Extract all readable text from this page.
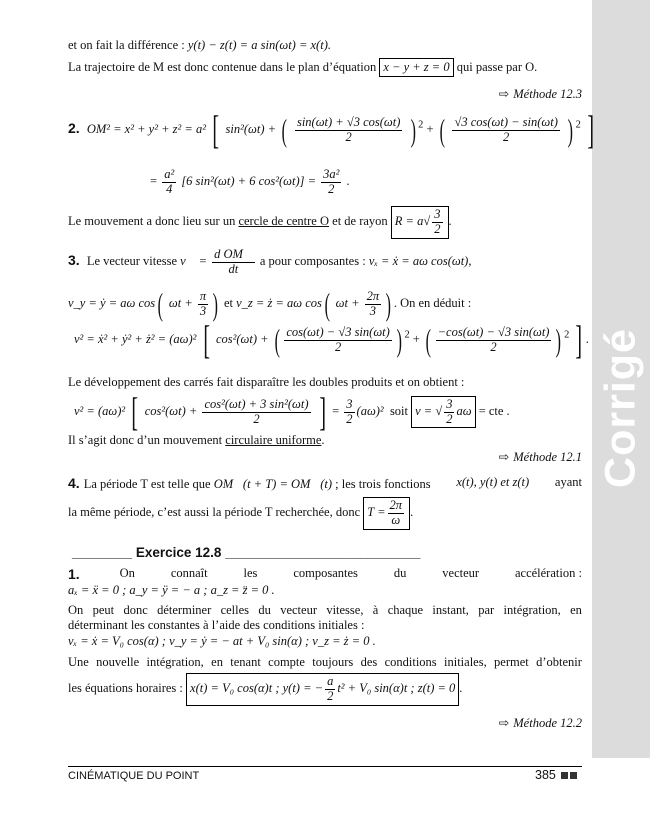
Corrigé
et on fait la différence : y(t) − z(t) = a sin(ωt) = x(t).
La trajectoire de M est donc contenue dans le plan d’équation x − y + z = 0 qui passe par O.
⇨ Méthode 12.3
2. OM² = x² + y² + z² = a² [ sin²(ωt) + ( $\frac{\sin(\omega t) + √3 \cos(\omega t)}{2}$ ) $^2$ + ( $\frac{√3 \cos(\omega t) - \sin(\omega t)}{2}$ ) $^2$ ]
= $\frac{\text{a²}}{4} [6$ sin²(ωt) + 6 $\cos^2(\omega t)] = \frac{\text{3a²}}{2}$ .
Le mouvement a donc lieu sur un cercle de centre O et de rayon $R = a√ \frac{3}{2}$ .
3. Le vecteur vitesse v⃗ = $\frac{\text{d OM⃗}}{dt}$ a pour composantes : vₓ = ẋ = aω cos(ωt),
v_y = ẏ = aω cos( $\omega t + \frac{\pi}{3}$ ) et v_z = ż = aω cos( $\omega t + \frac{2\pi}{3}$ ) . On en déduit :
v² = ẋ² + ẏ² + ż² = (aω)² [ cos²(ωt) + ( $\frac{\cos(\omega t) - √3 \sin(\omega t)}{2}$ ) $^2$ + ( $\frac{-\cos(\omega t) - √3 \sin(\omega t)}{2}$ ) $^2$ ] .
Le développement des carrés fait disparaître les doubles produits et on obtient :
v² = (aω)² [ $\cos^2(\omega t) + \frac{\text{cos²(ωt) + 3 sin²(ωt)}}{2}$ ] = $\frac{3}{2} (a\omega)^2$ soit v = √ $\frac{3}{2}$ aω = cte .
Il s’agit donc d’un mouvement circulaire uniforme.
⇨ Méthode 12.1
4. La période T est telle que OM⃗(t + T) = OM⃗(t) ; les trois fonctions x(t), y(t) et z(t) ayant
la même période, c’est aussi la période T recherchée, donc $T = \frac{2\pi}{\omega}$ .
________ Exercice 12.8 __________________________
1.	On	connaît	les	composantes	du	vecteur	accélération :
aₓ = ẍ = 0 ; a_y = ÿ = − a ; a_z = z̈ = 0 .
On peut donc déterminer celles du vecteur vitesse, à chaque instant, par intégration, en
déterminant les constantes à l’aide des conditions initiales :
vₓ = ẋ = V₀ cos(α) ; v_y = ẏ = − at + V₀ sin(α) ; v_z = ż = 0 .
Une nouvelle intégration, en tenant compte toujours des conditions initiales, permet d’obtenir
les équations horaires : x(t) = V₀ cos(α)t ; y(t) = − $\frac{a}{2} t^2 + V_0$ sin(α)t ; z(t) = 0 .
⇨ Méthode 12.2
CINÉMATIQUE DU POINT	385
